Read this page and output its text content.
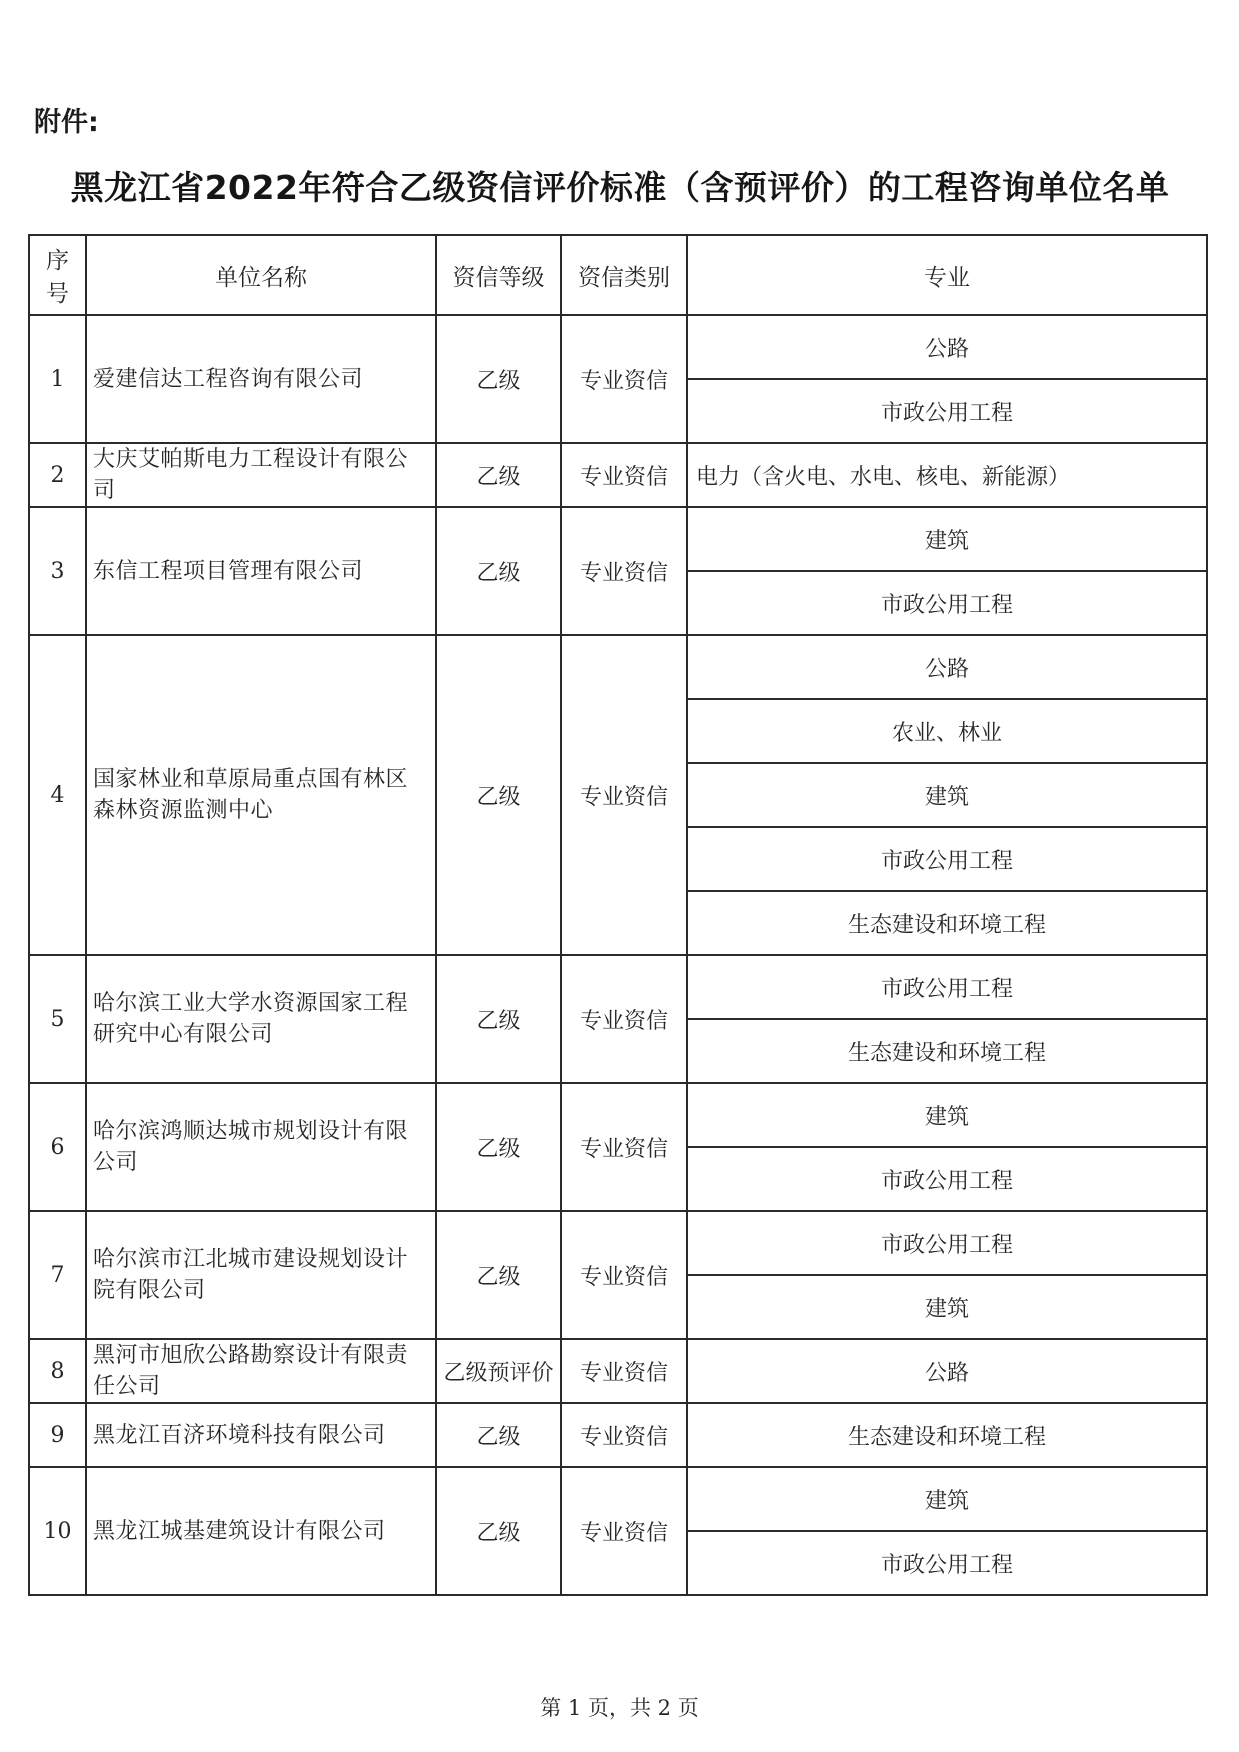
附件:
黑龙江省2022年符合乙级资信评价标准（含预评价）的工程咨询单位名单
序号	单位名称	资信等级	资信类别	专业
1	爱建信达工程咨询有限公司	乙级	专业资信	公路
				市政公用工程
2	大庆艾帕斯电力工程设计有限公司	乙级	专业资信	电力（含火电、水电、核电、新能源）
3	东信工程项目管理有限公司	乙级	专业资信	建筑
				市政公用工程
4	国家林业和草原局重点国有林区森林资源监测中心	乙级	专业资信	公路
				农业、林业
				建筑
				市政公用工程
				生态建设和环境工程
5	哈尔滨工业大学水资源国家工程研究中心有限公司	乙级	专业资信	市政公用工程
				生态建设和环境工程
6	哈尔滨鸿顺达城市规划设计有限公司	乙级	专业资信	建筑
				市政公用工程
7	哈尔滨市江北城市建设规划设计院有限公司	乙级	专业资信	市政公用工程
				建筑
8	黑河市旭欣公路勘察设计有限责任公司	乙级预评价	专业资信	公路
9	黑龙江百济环境科技有限公司	乙级	专业资信	生态建设和环境工程
10	黑龙江城基建筑设计有限公司	乙级	专业资信	建筑
				市政公用工程
第 1 页，共 2 页
